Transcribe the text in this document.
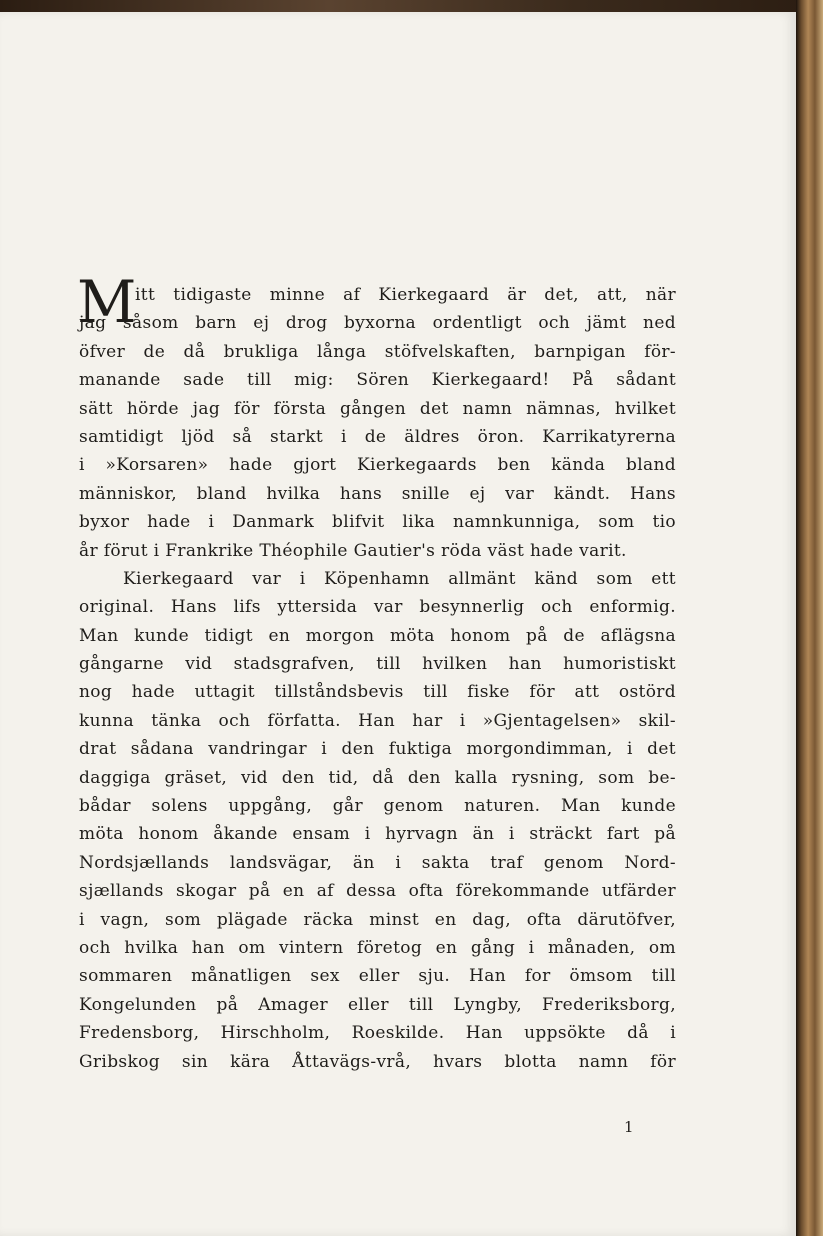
M
itt tidigaste minne af Kierkegaard är det, att, när
jag såsom barn ej drog byxorna ordentligt och jämt ned
öfver de då brukliga långa stöfvelskaften, barnpigan för-
manande sade till mig: Sören Kierkegaard! På sådant
sätt hörde jag för första gången det namn nämnas, hvilket
samtidigt ljöd så starkt i de äldres öron. Karrikatyrerna
i »Korsaren» hade gjort Kierkegaards ben kända bland
människor, bland hvilka hans snille ej var kändt. Hans
byxor hade i Danmark blifvit lika namnkunniga, som tio
år förut i Frankrike Théophile Gautier's röda väst hade varit.
Kierkegaard var i Köpenhamn allmänt känd som ett
original. Hans lifs yttersida var besynnerlig och enformig.
Man kunde tidigt en morgon möta honom på de aflägsna
gångarne vid stadsgrafven, till hvilken han humoristiskt
nog hade uttagit tillståndsbevis till fiske för att ostörd
kunna tänka och författa. Han har i »Gjentagelsen» skil-
drat sådana vandringar i den fuktiga morgondimman, i det
daggiga gräset, vid den tid, då den kalla rysning, som be-
bådar solens uppgång, går genom naturen. Man kunde
möta honom åkande ensam i hyrvagn än i sträckt fart på
Nordsjællands landsvägar, än i sakta traf genom Nord-
sjællands skogar på en af dessa ofta förekommande utfärder
i vagn, som plägade räcka minst en dag, ofta därutöfver,
och hvilka han om vintern företog en gång i månaden, om
sommaren månatligen sex eller sju. Han for ömsom till
Kongelunden på Amager eller till Lyngby, Frederiksborg,
Fredensborg, Hirschholm, Roeskilde. Han uppsökte då i
Gribskog sin kära Åttavägs-vrå, hvars blotta namn för
1
